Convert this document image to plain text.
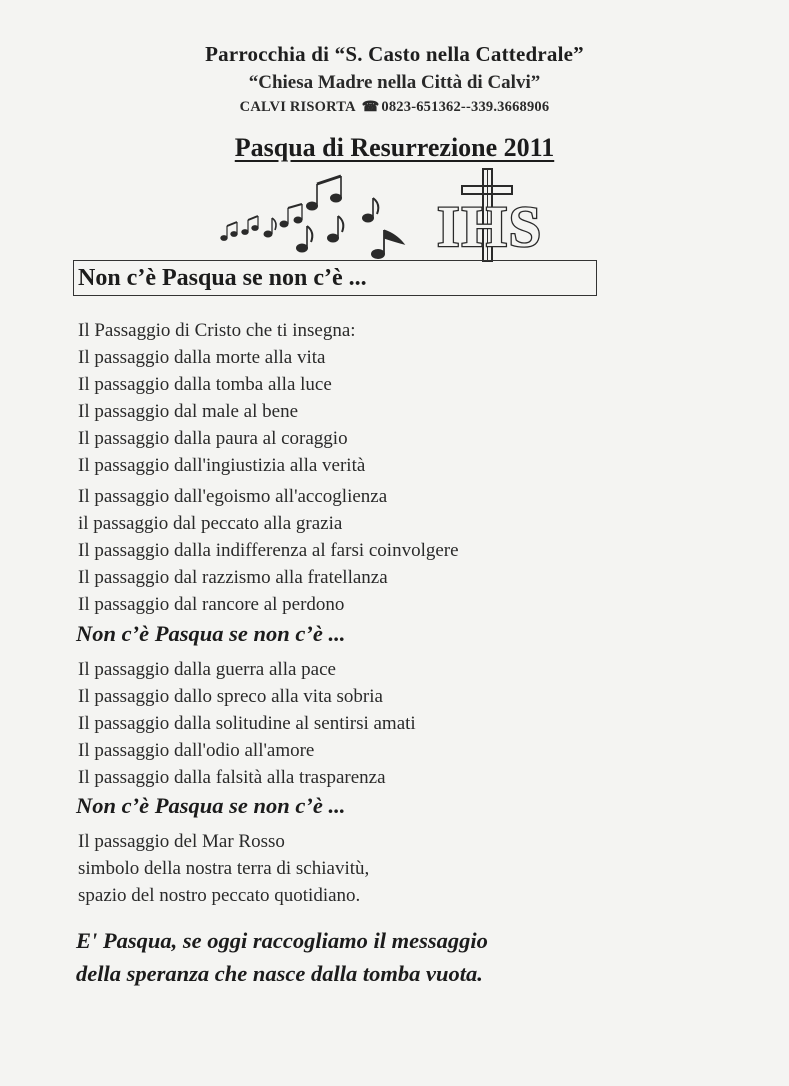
Parrocchia di “S. Casto nella Cattedrale”

“Chiesa Madre nella Città di Calvi”

CALVI RISORTA ☎ 0823-651362--339.3668906

Pasqua di Resurrezione 2011
IHS
Non c’è Pasqua se non c’è ...

Il Passaggio di Cristo che ti insegna:

Il passaggio dalla morte alla vita

Il passaggio dalla tomba alla luce

Il passaggio dal male al bene

Il passaggio dalla paura al coraggio

Il passaggio dall'ingiustizia alla verità

Il passaggio dall'egoismo all'accoglienza

il passaggio dal peccato alla grazia

Il passaggio dalla indifferenza al farsi coinvolgere

Il passaggio dal razzismo alla fratellanza

Il passaggio dal rancore al perdono

Non c’è Pasqua se non c’è ...

Il passaggio dalla guerra alla pace

Il passaggio dallo spreco alla vita sobria

Il passaggio dalla solitudine al sentirsi amati

Il passaggio dall'odio all'amore

Il passaggio dalla falsità alla trasparenza

Non c’è Pasqua se non c’è ...

Il passaggio del Mar Rosso

simbolo della nostra terra di schiavitù,

spazio del nostro peccato quotidiano.

E' Pasqua, se oggi raccogliamo il messaggio

della speranza che nasce dalla tomba vuota.
